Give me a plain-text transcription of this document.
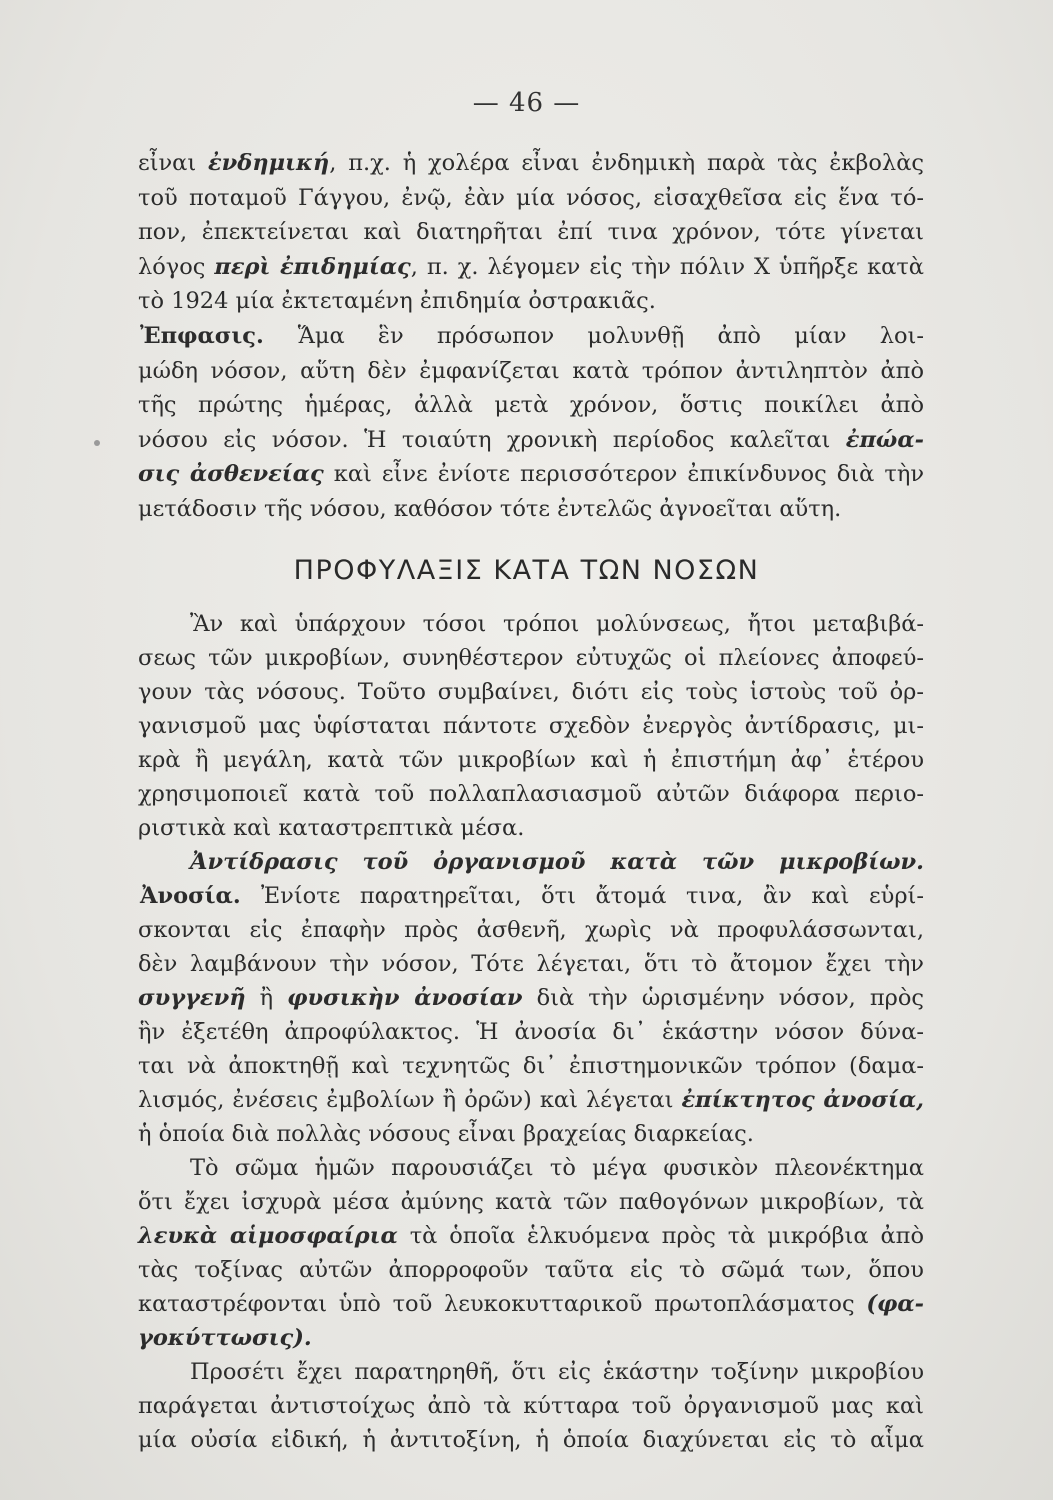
— 46 —
εἶναι ἐνδημική, π.χ. ἡ χολέρα εἶναι ἐνδημικὴ παρὰ τὰς ἐκβολὰς
τοῦ ποταμοῦ Γάγγου, ἐνῷ, ἐὰν μία νόσος, εἰσαχθεῖσα εἰς ἕνα τό-
πον, ἐπεκτείνεται καὶ διατηρῆται ἐπί τινα χρόνον, τότε γίνεται
λόγος περὶ ἐπιδημίας, π. χ. λέγομεν εἰς τὴν πόλιν Χ ὑπῆρξε κατὰ
τὸ 1924 μία ἐκτεταμένη ἐπιδημία ὀστρακιᾶς.
Ἐπφασις. Ἅμα ἓν πρόσωπον μολυνθῇ ἀπὸ μίαν λοι-
μώδη νόσον, αὕτη δὲν ἐμφανίζεται κατὰ τρόπον ἀντιληπτὸν ἀπὸ
τῆς πρώτης ἡμέρας, ἀλλὰ μετὰ χρόνον, ὅστις ποικίλει ἀπὸ
νόσου εἰς νόσον. Ἡ τοιαύτη χρονικὴ περίοδος καλεῖται ἐπώα-
σις ἀσθενείας καὶ εἶνε ἐνίοτε περισσότερον ἐπικίνδυνος διὰ τὴν
μετάδοσιν τῆς νόσου, καθόσον τότε ἐντελῶς ἀγνοεῖται αὕτη.
ΠΡΟΦΥΛΑΞΙΣ ΚΑΤΑ ΤΩΝ ΝΟΣΩΝ
Ἂν καὶ ὑπάρχουν τόσοι τρόποι μολύνσεως, ἤτοι μεταβιβά-
σεως τῶν μικροβίων, συνηθέστερον εὐτυχῶς οἱ πλείονες ἀποφεύ-
γουν τὰς νόσους. Τοῦτο συμβαίνει, διότι εἰς τοὺς ἱστοὺς τοῦ ὀρ-
γανισμοῦ μας ὑφίσταται πάντοτε σχεδὸν ἐνεργὸς ἀντίδρασις, μι-
κρὰ ἢ μεγάλη, κατὰ τῶν μικροβίων καὶ ἡ ἐπιστήμη ἀφ᾽ ἑτέρου
χρησιμοποιεῖ κατὰ τοῦ πολλαπλασιασμοῦ αὐτῶν διάφορα περιο-
ριστικὰ καὶ καταστρεπτικὰ μέσα.
Ἀντίδρασις τοῦ ὀργανισμοῦ κατὰ τῶν μικροβίων.
Ἀνοσία. Ἐνίοτε παρατηρεῖται, ὅτι ἄτομά τινα, ἂν καὶ εὑρί-
σκονται εἰς ἐπαφὴν πρὸς ἀσθενῆ, χωρὶς νὰ προφυλάσσωνται,
δὲν λαμβάνουν τὴν νόσον, Τότε λέγεται, ὅτι τὸ ἄτομον ἔχει τὴν
συγγενῆ ἢ φυσικὴν ἀνοσίαν διὰ τὴν ὡρισμένην νόσον, πρὸς
ἣν ἐξετέθη ἀπροφύλακτος. Ἡ ἀνοσία δι᾽ ἑκάστην νόσον δύνα-
ται νὰ ἀποκτηθῇ καὶ τεχνητῶς δι᾽ ἐπιστημονικῶν τρόπον (δαμα-
λισμός, ἐνέσεις ἐμβολίων ἢ ὀρῶν) καὶ λέγεται ἐπίκτητος ἀνοσία,
ἡ ὁποία διὰ πολλὰς νόσους εἶναι βραχείας διαρκείας.
Τὸ σῶμα ἡμῶν παρουσιάζει τὸ μέγα φυσικὸν πλεονέκτημα
ὅτι ἔχει ἰσχυρὰ μέσα ἀμύνης κατὰ τῶν παθογόνων μικροβίων, τὰ
λευκὰ αἱμοσφαίρια τὰ ὁποῖα ἑλκυόμενα πρὸς τὰ μικρόβια ἀπὸ
τὰς τοξίνας αὐτῶν ἀπορροφοῦν ταῦτα εἰς τὸ σῶμά των, ὅπου
καταστρέφονται ὑπὸ τοῦ λευκοκυτταρικοῦ πρωτοπλάσματος (φα-
γοκύττωσις).
Προσέτι ἔχει παρατηρηθῆ, ὅτι εἰς ἑκάστην τοξίνην μικροβίου
παράγεται ἀντιστοίχως ἀπὸ τὰ κύτταρα τοῦ ὀργανισμοῦ μας καὶ
μία οὐσία εἰδική, ἡ ἀντιτοξίνη, ἡ ὁποία διαχύνεται εἰς τὸ αἷμα
